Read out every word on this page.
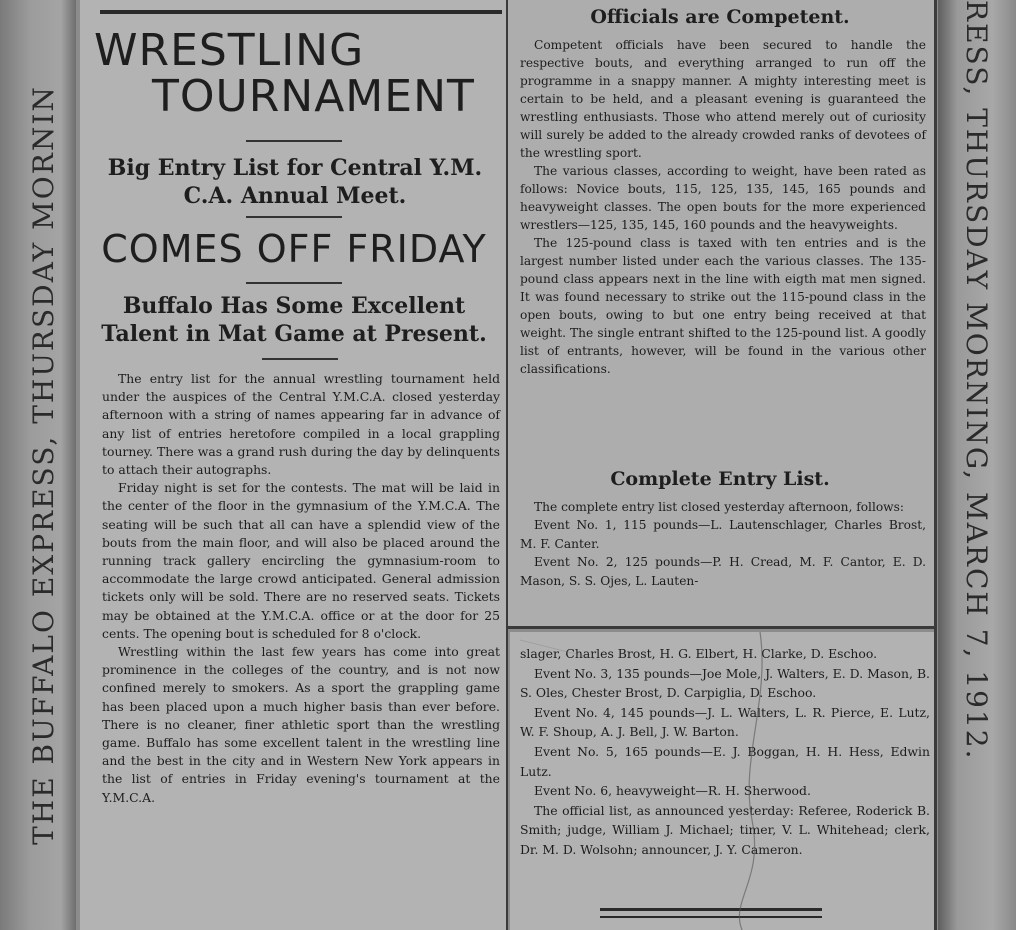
THE BUFFALO EXPRESS, THURSDAY MORNIN	RESS, THURSDAY MORNING, MARCH 7, 1912.
WRESTLING
TOURNAMENT

Big Entry List for Central Y.M. C.A. Annual Meet.

COMES OFF FRIDAY

Buffalo Has Some Excellent Talent in Mat Game at Present.

The entry list for the annual wrestling tournament held under the auspices of the Central Y.M.C.A. closed yesterday afternoon with a string of names appearing far in advance of any list of entries heretofore compiled in a local grappling tourney. There was a grand rush during the day by delinquents to attach their autographs.

Friday night is set for the contests. The mat will be laid in the center of the floor in the gymnasium of the Y.M.C.A. The seating will be such that all can have a splendid view of the bouts from the main floor, and will also be placed around the running track gallery encircling the gymnasium-room to accommodate the large crowd anticipated. General admission tickets only will be sold. There are no reserved seats. Tickets may be obtained at the Y.M.C.A. office or at the door for 25 cents. The opening bout is scheduled for 8 o'clock.

Wrestling within the last few years has come into great prominence in the colleges of the country, and is not now confined merely to smokers. As a sport the grappling game has been placed upon a much higher basis than ever before. There is no cleaner, finer athletic sport than the wrestling game. Buffalo has some excellent talent in the wrestling line and the best in the city and in Western New York appears in the list of entries in Friday evening's tournament at the Y.M.C.A.

Officials are Competent.

Competent officials have been secured to handle the respective bouts, and everything arranged to run off the programme in a snappy manner. A mighty interesting meet is certain to be held, and a pleasant evening is guaranteed the wrestling enthusiasts. Those who attend merely out of curiosity will surely be added to the already crowded ranks of devotees of the wrestling sport.

The various classes, according to weight, have been rated as follows: Novice bouts, 115, 125, 135, 145, 165 pounds and heavyweight classes. The open bouts for the more experienced wrestlers—125, 135, 145, 160 pounds and the heavyweights.

The 125-pound class is taxed with ten entries and is the largest number listed under each the various classes. The 135-pound class appears next in the line with eigth mat men signed. It was found necessary to strike out the 115-pound class in the open bouts, owing to but one entry being received at that weight. The single entrant shifted to the 125-pound list. A goodly list of entrants, however, will be found in the various other classifications.

Complete Entry List.

The complete entry list closed yesterday afternoon, follows:

Event No. 1, 115 pounds—L. Lautenschlager, Charles Brost, M. F. Canter.

Event No. 2, 125 pounds—P. H. Cread, M. F. Cantor, E. D. Mason, S. S. Ojes, L. Lauten-

slager, Charles Brost, H. G. Elbert, H. Clarke, D. Eschoo.

Event No. 3, 135 pounds—Joe Mole, J. Walters, E. D. Mason, B. S. Oles, Chester Brost, D. Carpiglia, D. Eschoo.

Event No. 4, 145 pounds—J. L. Walters, L. R. Pierce, E. Lutz, W. F. Shoup, A. J. Bell, J. W. Barton.

Event No. 5, 165 pounds—E. J. Boggan, H. H. Hess, Edwin Lutz.

Event No. 6, heavyweight—R. H. Sherwood.

The official list, as announced yesterday: Referee, Roderick B. Smith; judge, William J. Michael; timer, V. L. Whitehead; clerk, Dr. M. D. Wolsohn; announcer, J. Y. Cameron.
